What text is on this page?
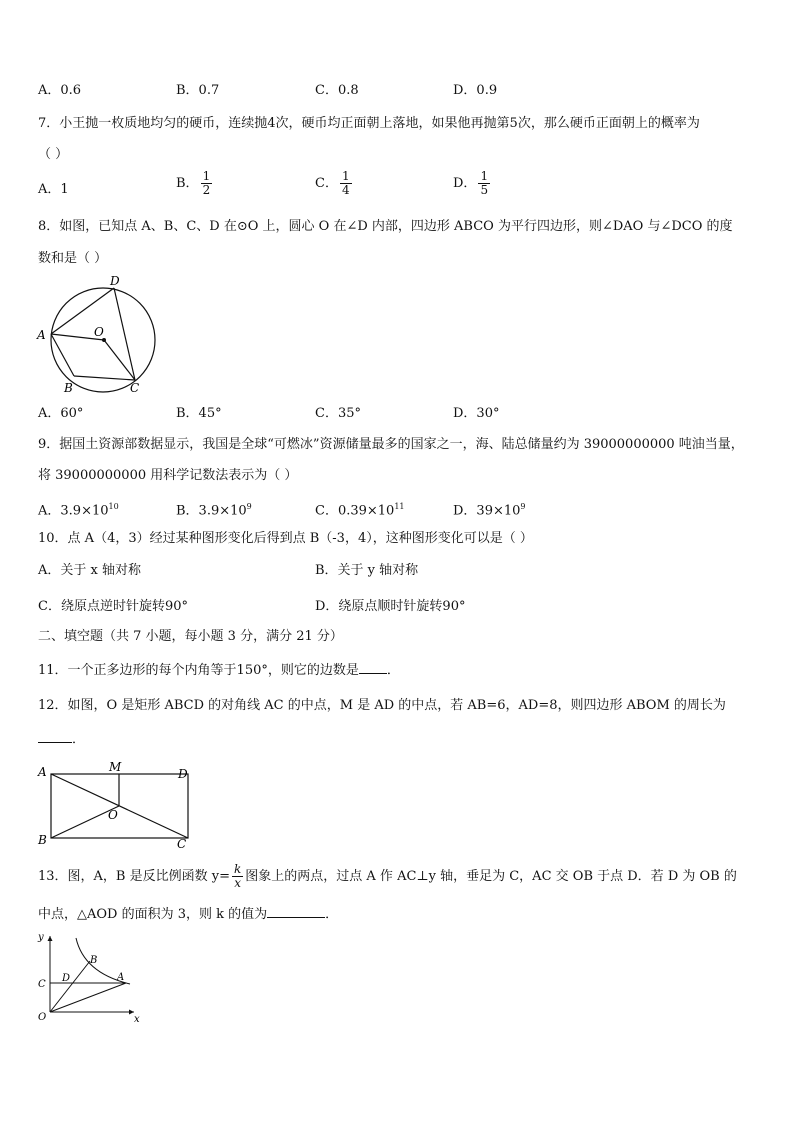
A．0.6	B．0.7	C．0.8	D．0.9
7．小王抛一枚质地均匀的硬币，连续抛4次，硬币均正面朝上落地，如果他再抛第5次，那么硬币正面朝上的概率为
（ ）
A．1	B． $\frac{1}{2}$	C． $\frac{1}{4}$	D． $\frac{1}{5}$
8．如图，已知点 A、B、C、D 在⊙O 上，圆心 O 在∠D 内部，四边形 ABCO 为平行四边形，则∠DAO 与∠DCO 的度
数和是（ ）
D
A	O
B	C
A．60°	B．45°	C．35°	D．30°
9．据国土资源部数据显示，我国是全球“可燃冰”资源储量最多的国家之一，海、陆总储量约为 39000000000 吨油当量，
将 39000000000 用科学记数法表示为（ ）
A．$3.9\times 10^{10}$	B．$3.9\times 10^9$	C．$0.39\times 10^{11}$	D．$39\times 10^9$
10．点 A（4，3）经过某种图形变化后得到点 B（-3，4），这种图形变化可以是（ ）
A．关于 x 轴对称	B．关于 y 轴对称
C．绕原点逆时针旋转90°	D．绕原点顺时针旋转90°
二、填空题（共 7 小题，每小题 3 分，满分 21 分）
11．一个正多边形的每个内角等于150°，则它的边数是 ．
12．如图，O 是矩形 ABCD 的对角线 AC 的中点，M 是 AD 的中点，若 AB=6，AD=8，则四边形 ABOM 的周长为
．
A	M	D
O
B	C
13．图，A，B 是反比例函数 $y= \frac{k}{x}$ 图象上的两点，过点 A 作 AC⊥y 轴，垂足为 C，AC 交 OB 于点 D．若 D 为 OB 的
中点，△AOD 的面积为 3，则 k 的值为	．
y
x
O
C
D
B
A
